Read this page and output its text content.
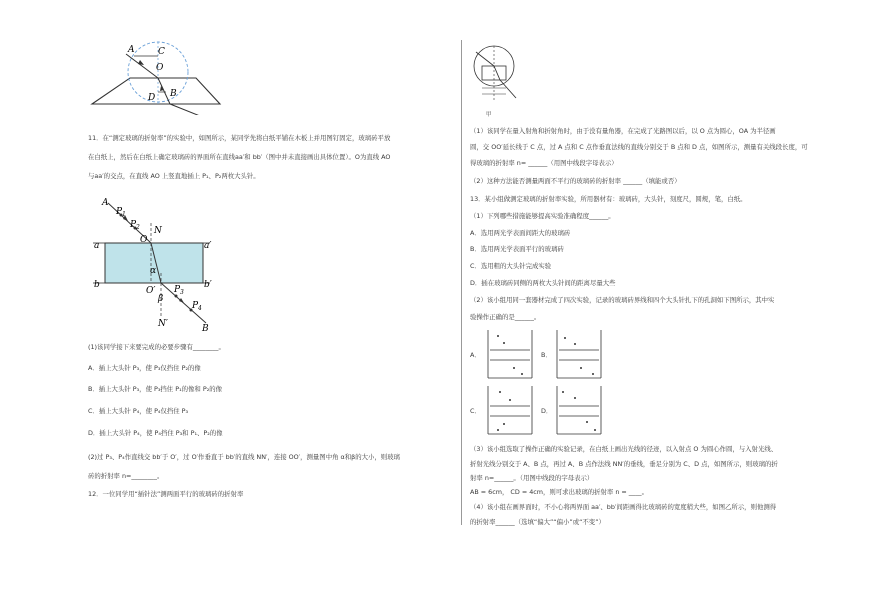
A	C
O
D B
11．在“测定玻璃的折射率”的实验中，如图所示，某同学先将白纸平铺在木板上并用图钉固定，玻璃砖平放
在白纸上，然后在白纸上确定玻璃砖的界面所在直线aa′和 bb′（图中并未直接画出具体位置）。O为直线 AO
与aa′的交点，在直线 AO 上竖直地插上 P₁、P₂两枚大头针。
A
P 1
P 2
O
N
a	a′
α
b	b′
O′
β
P 3
P 4
N′	B
(1)该同学接下来要完成的必要步骤有________。
A．插上大头针 P₃，使 P₃仅挡住 P₂的像
B．插上大头针 P₃，使 P₃挡住 P₁的像和 P₂的像
C．插上大头针 P₄，使 P₄仅挡住 P₃
D．插上大头针 P₄，使 P₄挡住 P₃和 P₁、P₂的像
(2)过 P₃、P₄作直线交 bb′于 O′，过 O′作垂直于 bb′的直线 NN′，连接 OO′，测量图中角 α和β的大小，则玻璃
砖的折射率 n=________。
12．一位同学用“插针法”测两面平行的玻璃砖的折射率
甲
（1）该同学在量入射角和折射角时，由于没有量角器，在完成了光路图以后，以 O 点为圆心，OA 为半径画
圆，交 OO′延长线于 C 点，过 A 点和 C 点作垂直法线的直线分别交于 B 点和 D 点，如图所示，测量有关线段长度，可
得玻璃的折射率 n= ______（用图中线段字母表示）
（2）这种方法能否测量两面不平行的玻璃砖的折射率 ______（填能或否）
13．某小组做测定玻璃的折射率实验，所用器材有：玻璃砖，大头针，刻度尺，圆规，笔，白纸。
（1）下列哪些措施能够提高实验准确程度______。
A．选用两光学表面间距大的玻璃砖
B．选用两光学表面平行的玻璃砖
C．选用粗的大头针完成实验
D．插在玻璃砖同侧的两枚大头针间的距离尽量大些
（2）该小组用同一套器材完成了四次实验，记录的玻璃砖界线和四个大头针扎下的孔洞如下图所示，其中实
验操作正确的是______。
A．	B．
C．	D．
（3）该小组选取了操作正确的实验记录，在白纸上画出光线的径迹，以入射点 O 为圆心作圆，与入射光线、
折射光线分别交于 A、B 点，再过 A、B 点作法线 NN′的垂线，垂足分别为 C、D 点，如图所示，则玻璃的折
射率 n=______。（用图中线段的字母表示）
AB = 6cm， CD = 4cm，则可求出玻璃的折射率 n = ____。
（4）该小组在画界面时，不小心将两界面 aa′、bb′间距画得比玻璃砖的宽度稍大些，如图乙所示，则他测得
的折射率______（选填“偏大”“偏小”或“不变”）
